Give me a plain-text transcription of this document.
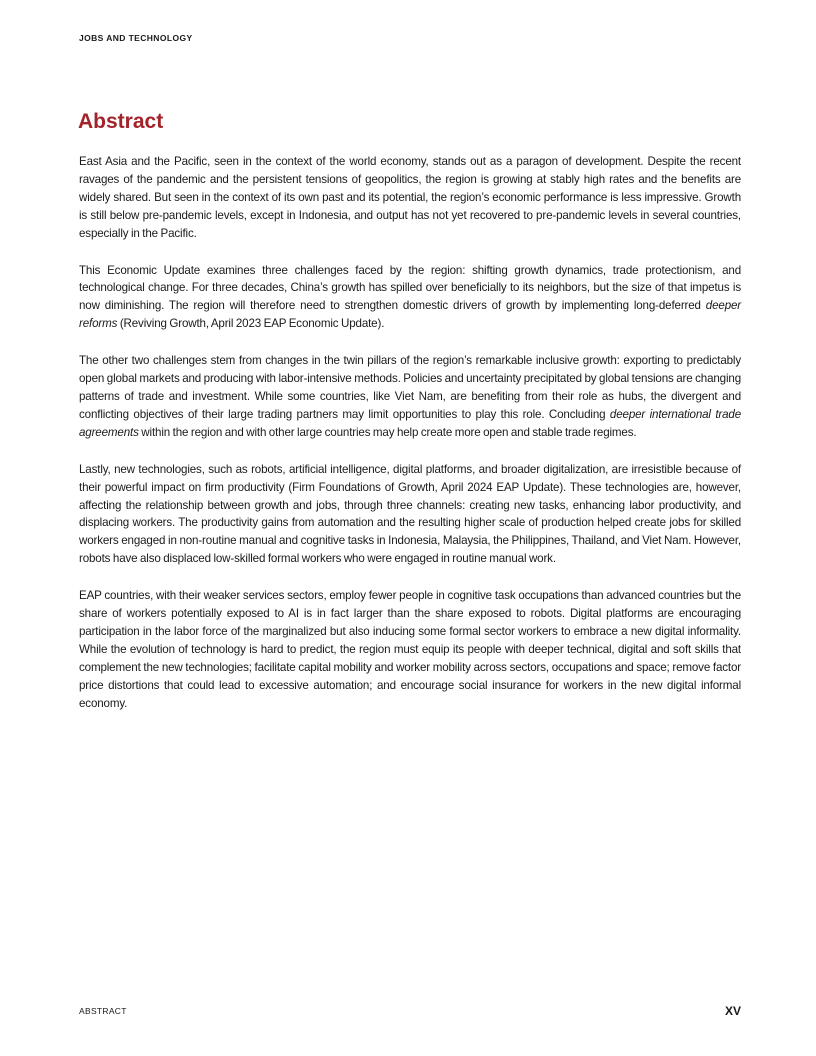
JOBS AND TECHNOLOGY
Abstract

East Asia and the Pacific, seen in the context of the world economy, stands out as a paragon of development. Despite the recent ravages of the pandemic and the persistent tensions of geopolitics, the region is growing at stably high rates and the benefits are widely shared. But seen in the context of its own past and its potential, the region’s economic performance is less impressive. Growth is still below pre-pandemic levels, except in Indonesia, and output has not yet recovered to pre-pandemic levels in several countries, especially in the Pacific.

This Economic Update examines three challenges faced by the region: shifting growth dynamics, trade protectionism, and technological change. For three decades, China’s growth has spilled over beneficially to its neighbors, but the size of that impetus is now diminishing. The region will therefore need to strengthen domestic drivers of growth by implementing long-deferred deeper reforms (Reviving Growth, April 2023 EAP Economic Update).

The other two challenges stem from changes in the twin pillars of the region’s remarkable inclusive growth: exporting to predictably open global markets and producing with labor-intensive methods. Policies and uncertainty precipitated by global tensions are changing patterns of trade and investment. While some countries, like Viet Nam, are benefiting from their role as hubs, the divergent and conflicting objectives of their large trading partners may limit opportunities to play this role. Concluding deeper international trade agreements within the region and with other large countries may help create more open and stable trade regimes.

Lastly, new technologies, such as robots, artificial intelligence, digital platforms, and broader digitalization, are irresistible because of their powerful impact on firm productivity (Firm Foundations of Growth, April 2024 EAP Update). These technologies are, however, affecting the relationship between growth and jobs, through three channels: creating new tasks, enhancing labor productivity, and displacing workers. The productivity gains from automation and the resulting higher scale of production helped create jobs for skilled workers engaged in non-routine manual and cognitive tasks in Indonesia, Malaysia, the Philippines, Thailand, and Viet Nam. However, robots have also displaced low-skilled formal workers who were engaged in routine manual work.

EAP countries, with their weaker services sectors, employ fewer people in cognitive task occupations than advanced countries but the share of workers potentially exposed to AI is in fact larger than the share exposed to robots. Digital platforms are encouraging participation in the labor force of the marginalized but also inducing some formal sector workers to embrace a new digital informality. While the evolution of technology is hard to predict, the region must equip its people with deeper technical, digital and soft skills that complement the new technologies; facilitate capital mobility and worker mobility across sectors, occupations and space; remove factor price distortions that could lead to excessive automation; and encourage social insurance for workers in the new digital informal economy.

ABSTRACT	XV
